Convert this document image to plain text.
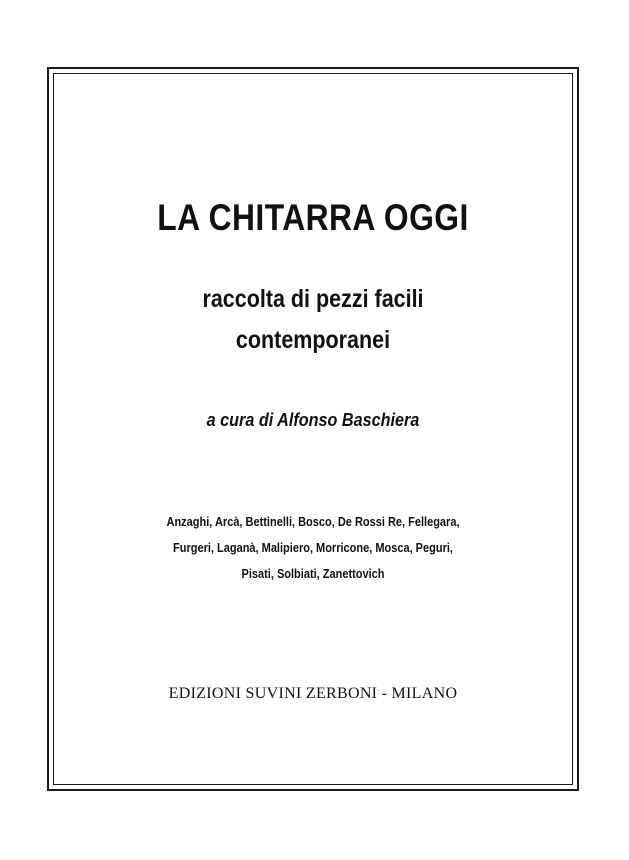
LA CHITARRA OGGI
raccolta di pezzi facili
contemporanei
a cura di Alfonso Baschiera
Anzaghi, Arcà, Bettinelli, Bosco, De Rossi Re, Fellegara,
Furgeri, Laganà, Malipiero, Morricone, Mosca, Peguri,
Pisati, Solbiati, Zanettovich
EDIZIONI SUVINI ZERBONI - MILANO
